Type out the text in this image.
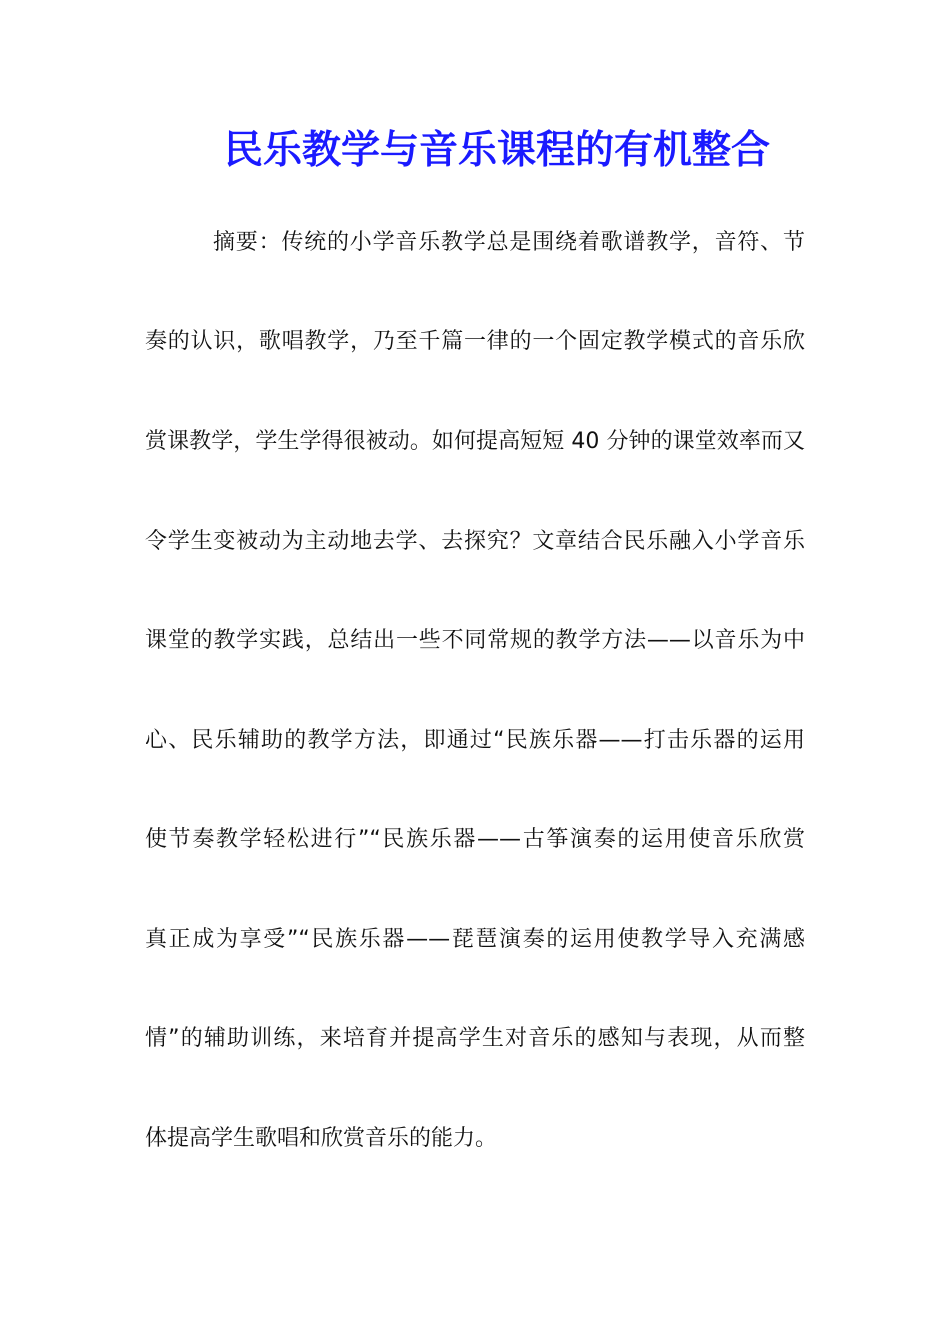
民乐教学与音乐课程的有机整合
摘要：传统的小学音乐教学总是围绕着歌谱教学，音符、节
奏的认识，歌唱教学，乃至千篇一律的一个固定教学模式的音乐欣
赏课教学，学生学得很被动。如何提高短短 40 分钟的课堂效率而又
令学生变被动为主动地去学、去探究？文章结合民乐融入小学音乐
课堂的教学实践，总结出一些不同常规的教学方法——以音乐为中
心、民乐辅助的教学方法，即通过“民族乐器——打击乐器的运用
使节奏教学轻松进行”“民族乐器——古筝演奏的运用使音乐欣赏
真正成为享受”“民族乐器——琵琶演奏的运用使教学导入充满感
情”的辅助训练，来培育并提高学生对音乐的感知与表现，从而整
体提高学生歌唱和欣赏音乐的能力。
